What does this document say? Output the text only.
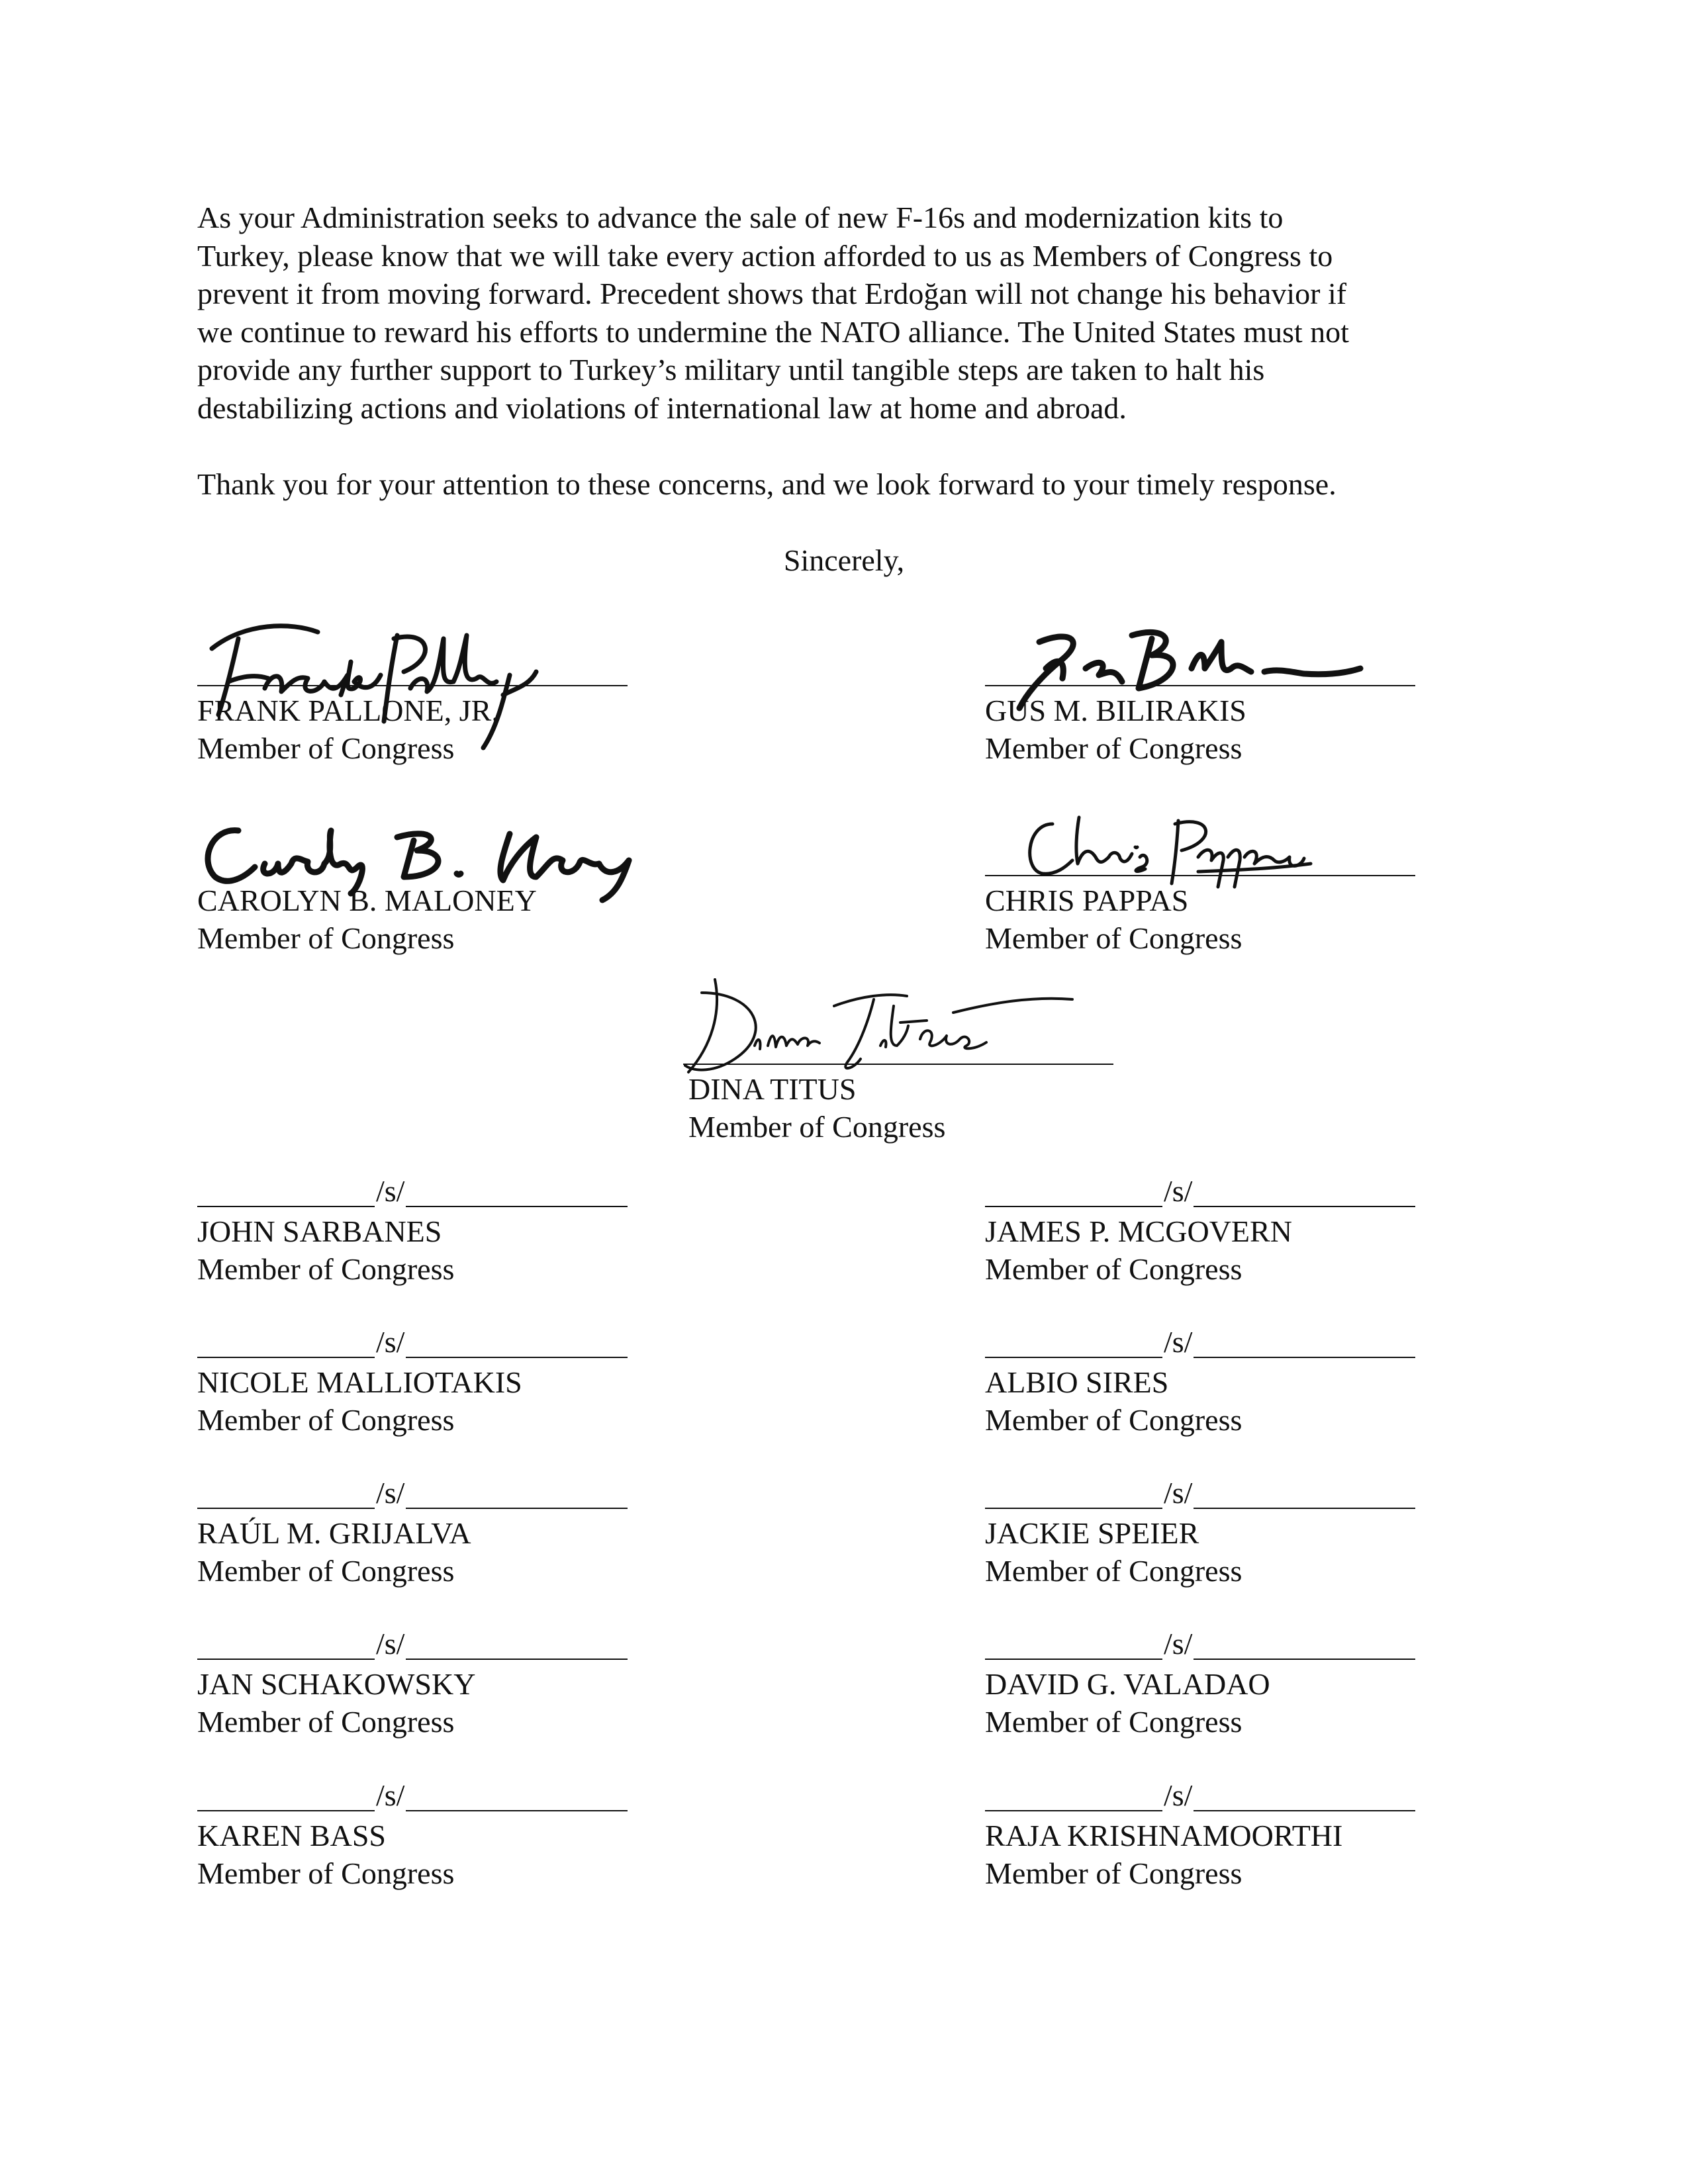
As your Administration seeks to advance the sale of new F-16s and modernization kits to
Turkey, please know that we will take every action afforded to us as Members of Congress to
prevent it from moving forward. Precedent shows that Erdoğan will not change his behavior if
we continue to reward his efforts to undermine the NATO alliance. The United States must not
provide any further support to Turkey’s military until tangible steps are taken to halt his
destabilizing actions and violations of international law at home and abroad.
Thank you for your attention to these concerns, and we look forward to your timely response.
Sincerely,
FRANK PALLONE, JR.
Member of Congress
GUS M. BILIRAKIS
Member of Congress
CAROLYN B. MALONEY
Member of Congress
CHRIS PAPPAS
Member of Congress
DINA TITUS
Member of Congress
/s/
JOHN SARBANES
Member of Congress
/s/
NICOLE MALLIOTAKIS
Member of Congress
/s/
RAÚL M. GRIJALVA
Member of Congress
/s/
JAN SCHAKOWSKY
Member of Congress
/s/
KAREN BASS
Member of Congress
/s/
JAMES P. MCGOVERN
Member of Congress
/s/
ALBIO SIRES
Member of Congress
/s/
JACKIE SPEIER
Member of Congress
/s/
DAVID G. VALADAO
Member of Congress
/s/
RAJA KRISHNAMOORTHI
Member of Congress
